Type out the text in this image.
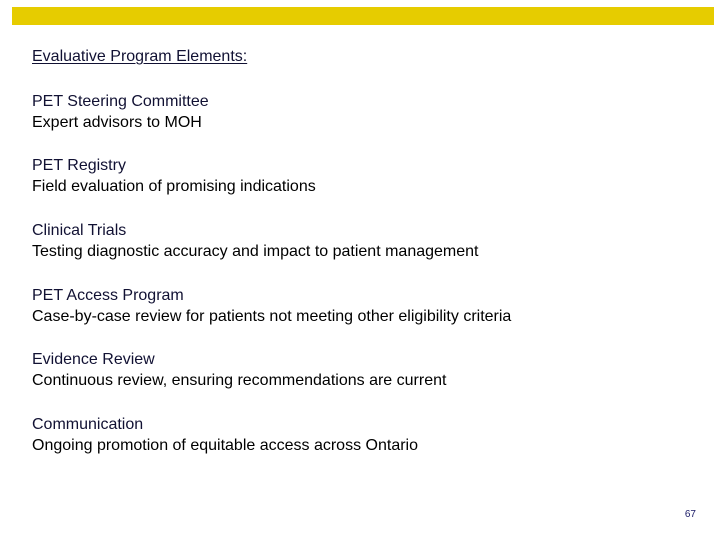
Evaluative Program Elements:
PET Steering Committee
Expert advisors to MOH
PET Registry
Field evaluation of promising indications
Clinical Trials
Testing diagnostic accuracy and impact to patient management
PET Access Program
Case-by-case review for patients not meeting other eligibility criteria
Evidence Review
Continuous review, ensuring recommendations are current
Communication
Ongoing promotion of equitable access across Ontario
67
